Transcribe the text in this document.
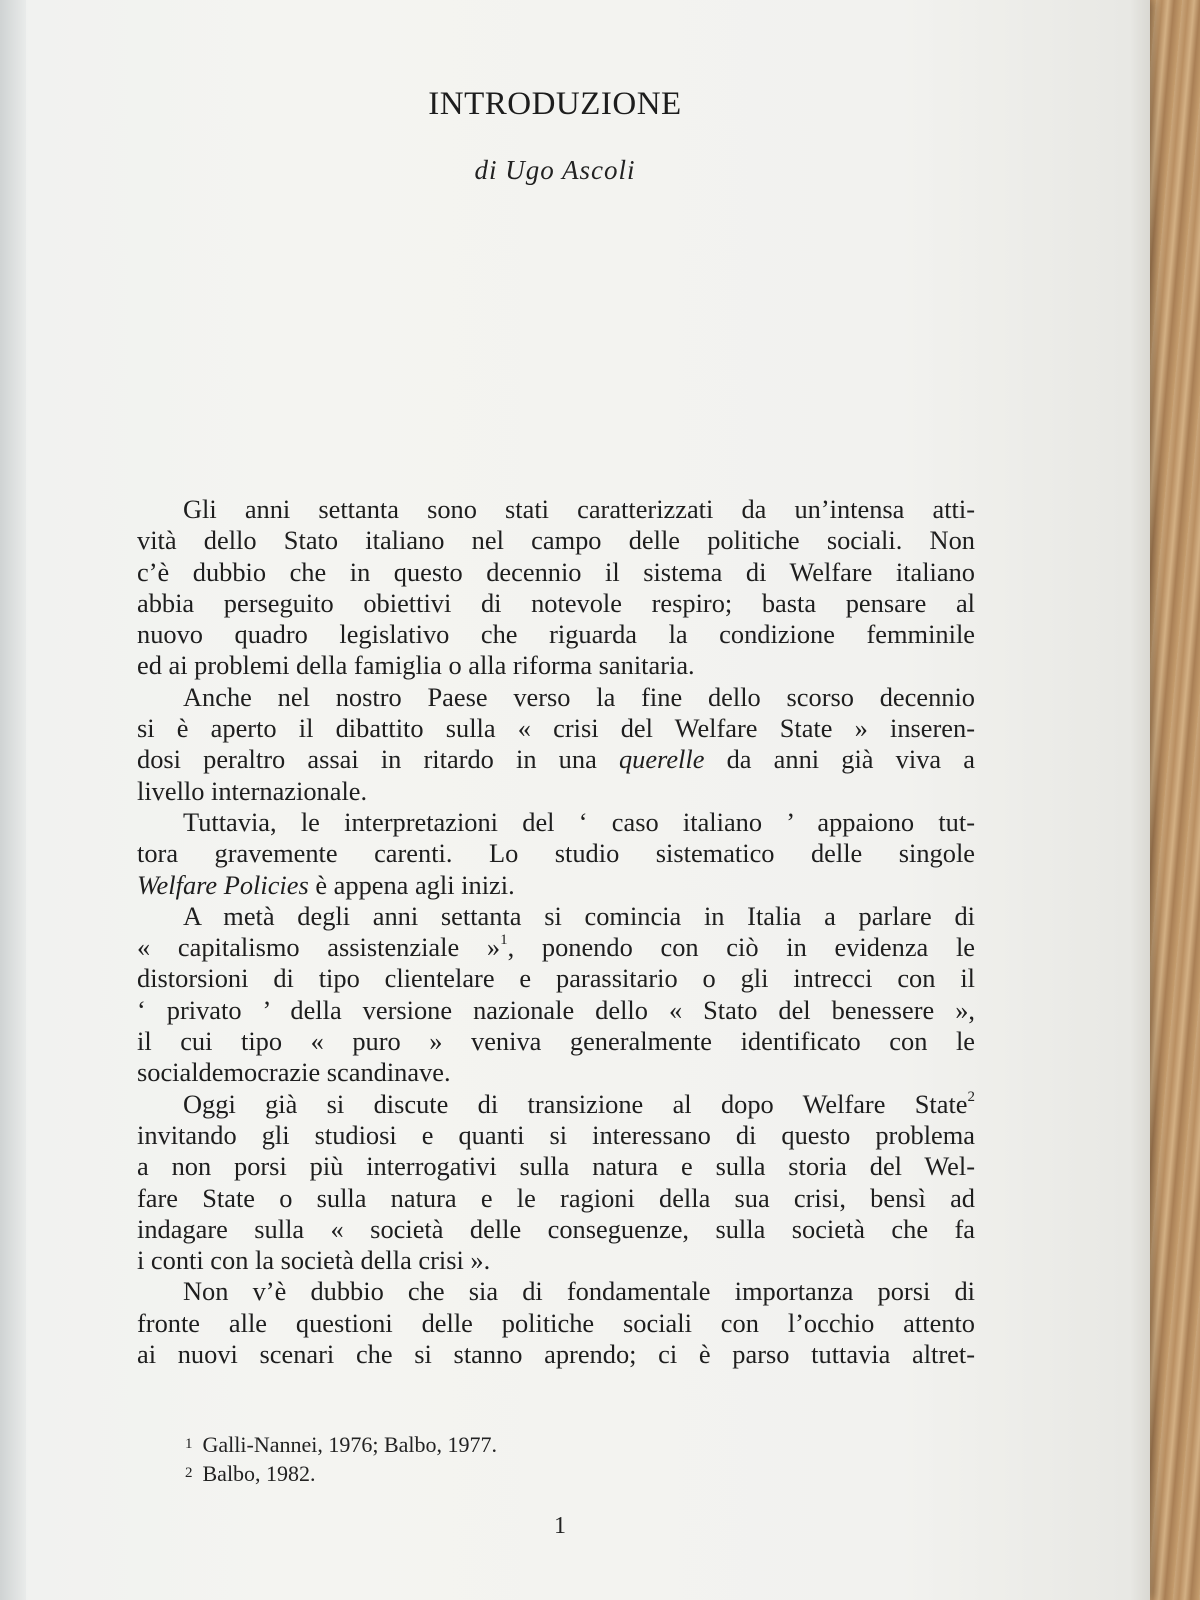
INTRODUZIONE
di Ugo Ascoli

Gli anni settanta sono stati caratterizzati da un’intensa atti-
vità dello Stato italiano nel campo delle politiche sociali. Non
c’è dubbio che in questo decennio il sistema di Welfare italiano
abbia perseguito obiettivi di notevole respiro; basta pensare al
nuovo quadro legislativo che riguarda la condizione femminile
ed ai problemi della famiglia o alla riforma sanitaria.

Anche nel nostro Paese verso la fine dello scorso decennio
si è aperto il dibattito sulla « crisi del Welfare State » inseren-
dosi peraltro assai in ritardo in una querelle da anni già viva a
livello internazionale.

Tuttavia, le interpretazioni del ‘ caso italiano ’ appaiono tut-
tora gravemente carenti. Lo studio sistematico delle singole
Welfare Policies è appena agli inizi.

A metà degli anni settanta si comincia in Italia a parlare di
« capitalismo assistenziale »$^1$, ponendo con ciò in evidenza le
distorsioni di tipo clientelare e parassitario o gli intrecci con il
‘ privato ’ della versione nazionale dello « Stato del benessere »,
il cui tipo « puro » veniva generalmente identificato con le
socialdemocrazie scandinave.

Oggi già si discute di transizione al dopo Welfare State$^2$
invitando gli studiosi e quanti si interessano di questo problema
a non porsi più interrogativi sulla natura e sulla storia del Wel-
fare State o sulla natura e le ragioni della sua crisi, bensì ad
indagare sulla « società delle conseguenze, sulla società che fa
i conti con la società della crisi ».

Non v’è dubbio che sia di fondamentale importanza porsi di
fronte alle questioni delle politiche sociali con l’occhio attento
ai nuovi scenari che si stanno aprendo; ci è parso tuttavia altret-

1 Galli-Nannei, 1976; Balbo, 1977.
2 Balbo, 1982.
1
